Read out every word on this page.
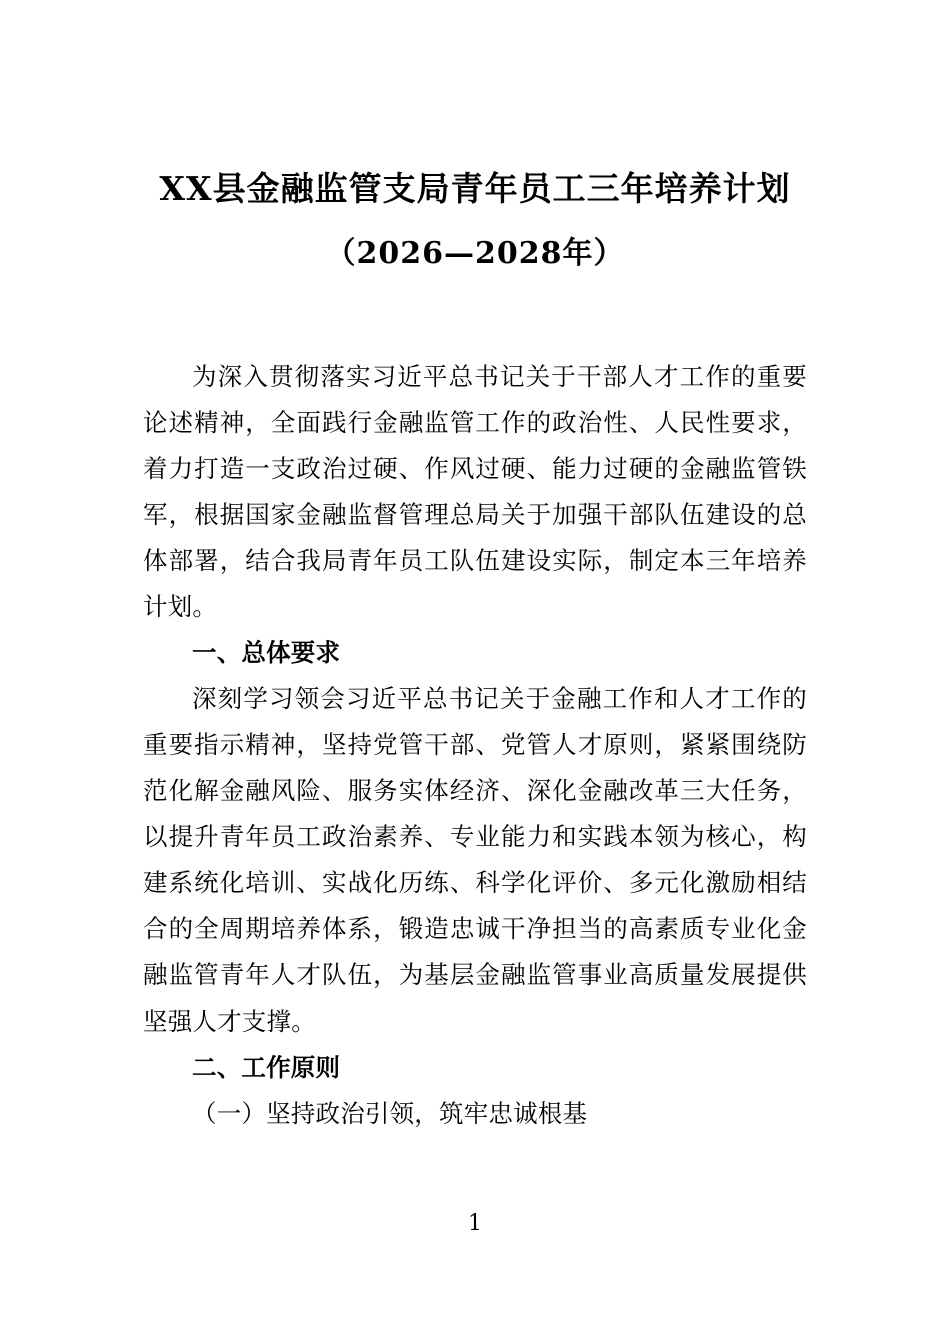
XX县金融监管支局青年员工三年培养计划
（2026—2028年）

为深入贯彻落实习近平总书记关于干部人才工作的重要论述精神，全面践行金融监管工作的政治性、人民性要求，着力打造一支政治过硬、作风过硬、能力过硬的金融监管铁军，根据国家金融监督管理总局关于加强干部队伍建设的总体部署，结合我局青年员工队伍建设实际，制定本三年培养计划。

一、总体要求

深刻学习领会习近平总书记关于金融工作和人才工作的重要指示精神，坚持党管干部、党管人才原则，紧紧围绕防范化解金融风险、服务实体经济、深化金融改革三大任务，以提升青年员工政治素养、专业能力和实践本领为核心，构建系统化培训、实战化历练、科学化评价、多元化激励相结合的全周期培养体系，锻造忠诚干净担当的高素质专业化金融监管青年人才队伍，为基层金融监管事业高质量发展提供坚强人才支撑。

二、工作原则

（一）坚持政治引领，筑牢忠诚根基

1
